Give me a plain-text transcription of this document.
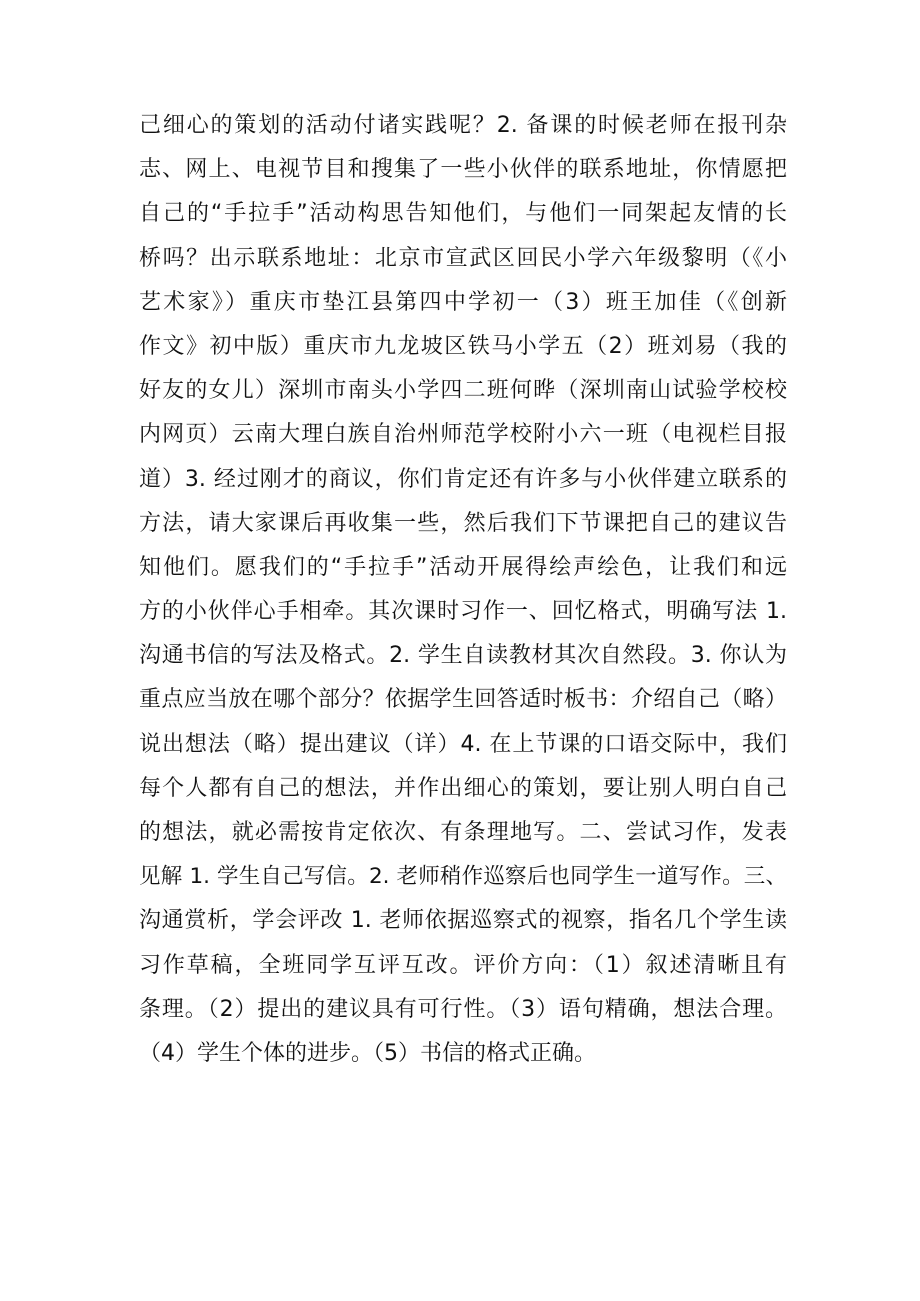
己细心的策划的活动付诸实践呢？2. 备课的时候老师在报刊杂
志、网上、电视节目和搜集了一些小伙伴的联系地址，你情愿把
自己的“手拉手”活动构思告知他们，与他们一同架起友情的长
桥吗？出示联系地址：北京市宣武区回民小学六年级黎明（《小
艺术家》）重庆市垫江县第四中学初一（3）班王加佳（《创新
作文》初中版）重庆市九龙坡区铁马小学五（2）班刘易（我的
好友的女儿）深圳市南头小学四二班何晔（深圳南山试验学校校
内网页）云南大理白族自治州师范学校附小六一班（电视栏目报
道）3. 经过刚才的商议，你们肯定还有许多与小伙伴建立联系的
方法，请大家课后再收集一些，然后我们下节课把自己的建议告
知他们。愿我们的“手拉手”活动开展得绘声绘色，让我们和远
方的小伙伴心手相牵。其次课时习作一、回忆格式，明确写法 1.
沟通书信的写法及格式。2. 学生自读教材其次自然段。3. 你认为
重点应当放在哪个部分？依据学生回答适时板书：介绍自己（略）
说出想法（略）提出建议（详）4. 在上节课的口语交际中，我们
每个人都有自己的想法，并作出细心的策划，要让别人明白自己
的想法，就必需按肯定依次、有条理地写。二、尝试习作，发表
见解 1. 学生自己写信。2. 老师稍作巡察后也同学生一道写作。三、
沟通赏析，学会评改 1. 老师依据巡察式的视察，指名几个学生读
习作草稿，全班同学互评互改。评价方向：（1）叙述清晰且有
条理。（2）提出的建议具有可行性。（3）语句精确，想法合理。
（4）学生个体的进步。（5）书信的格式正确。
